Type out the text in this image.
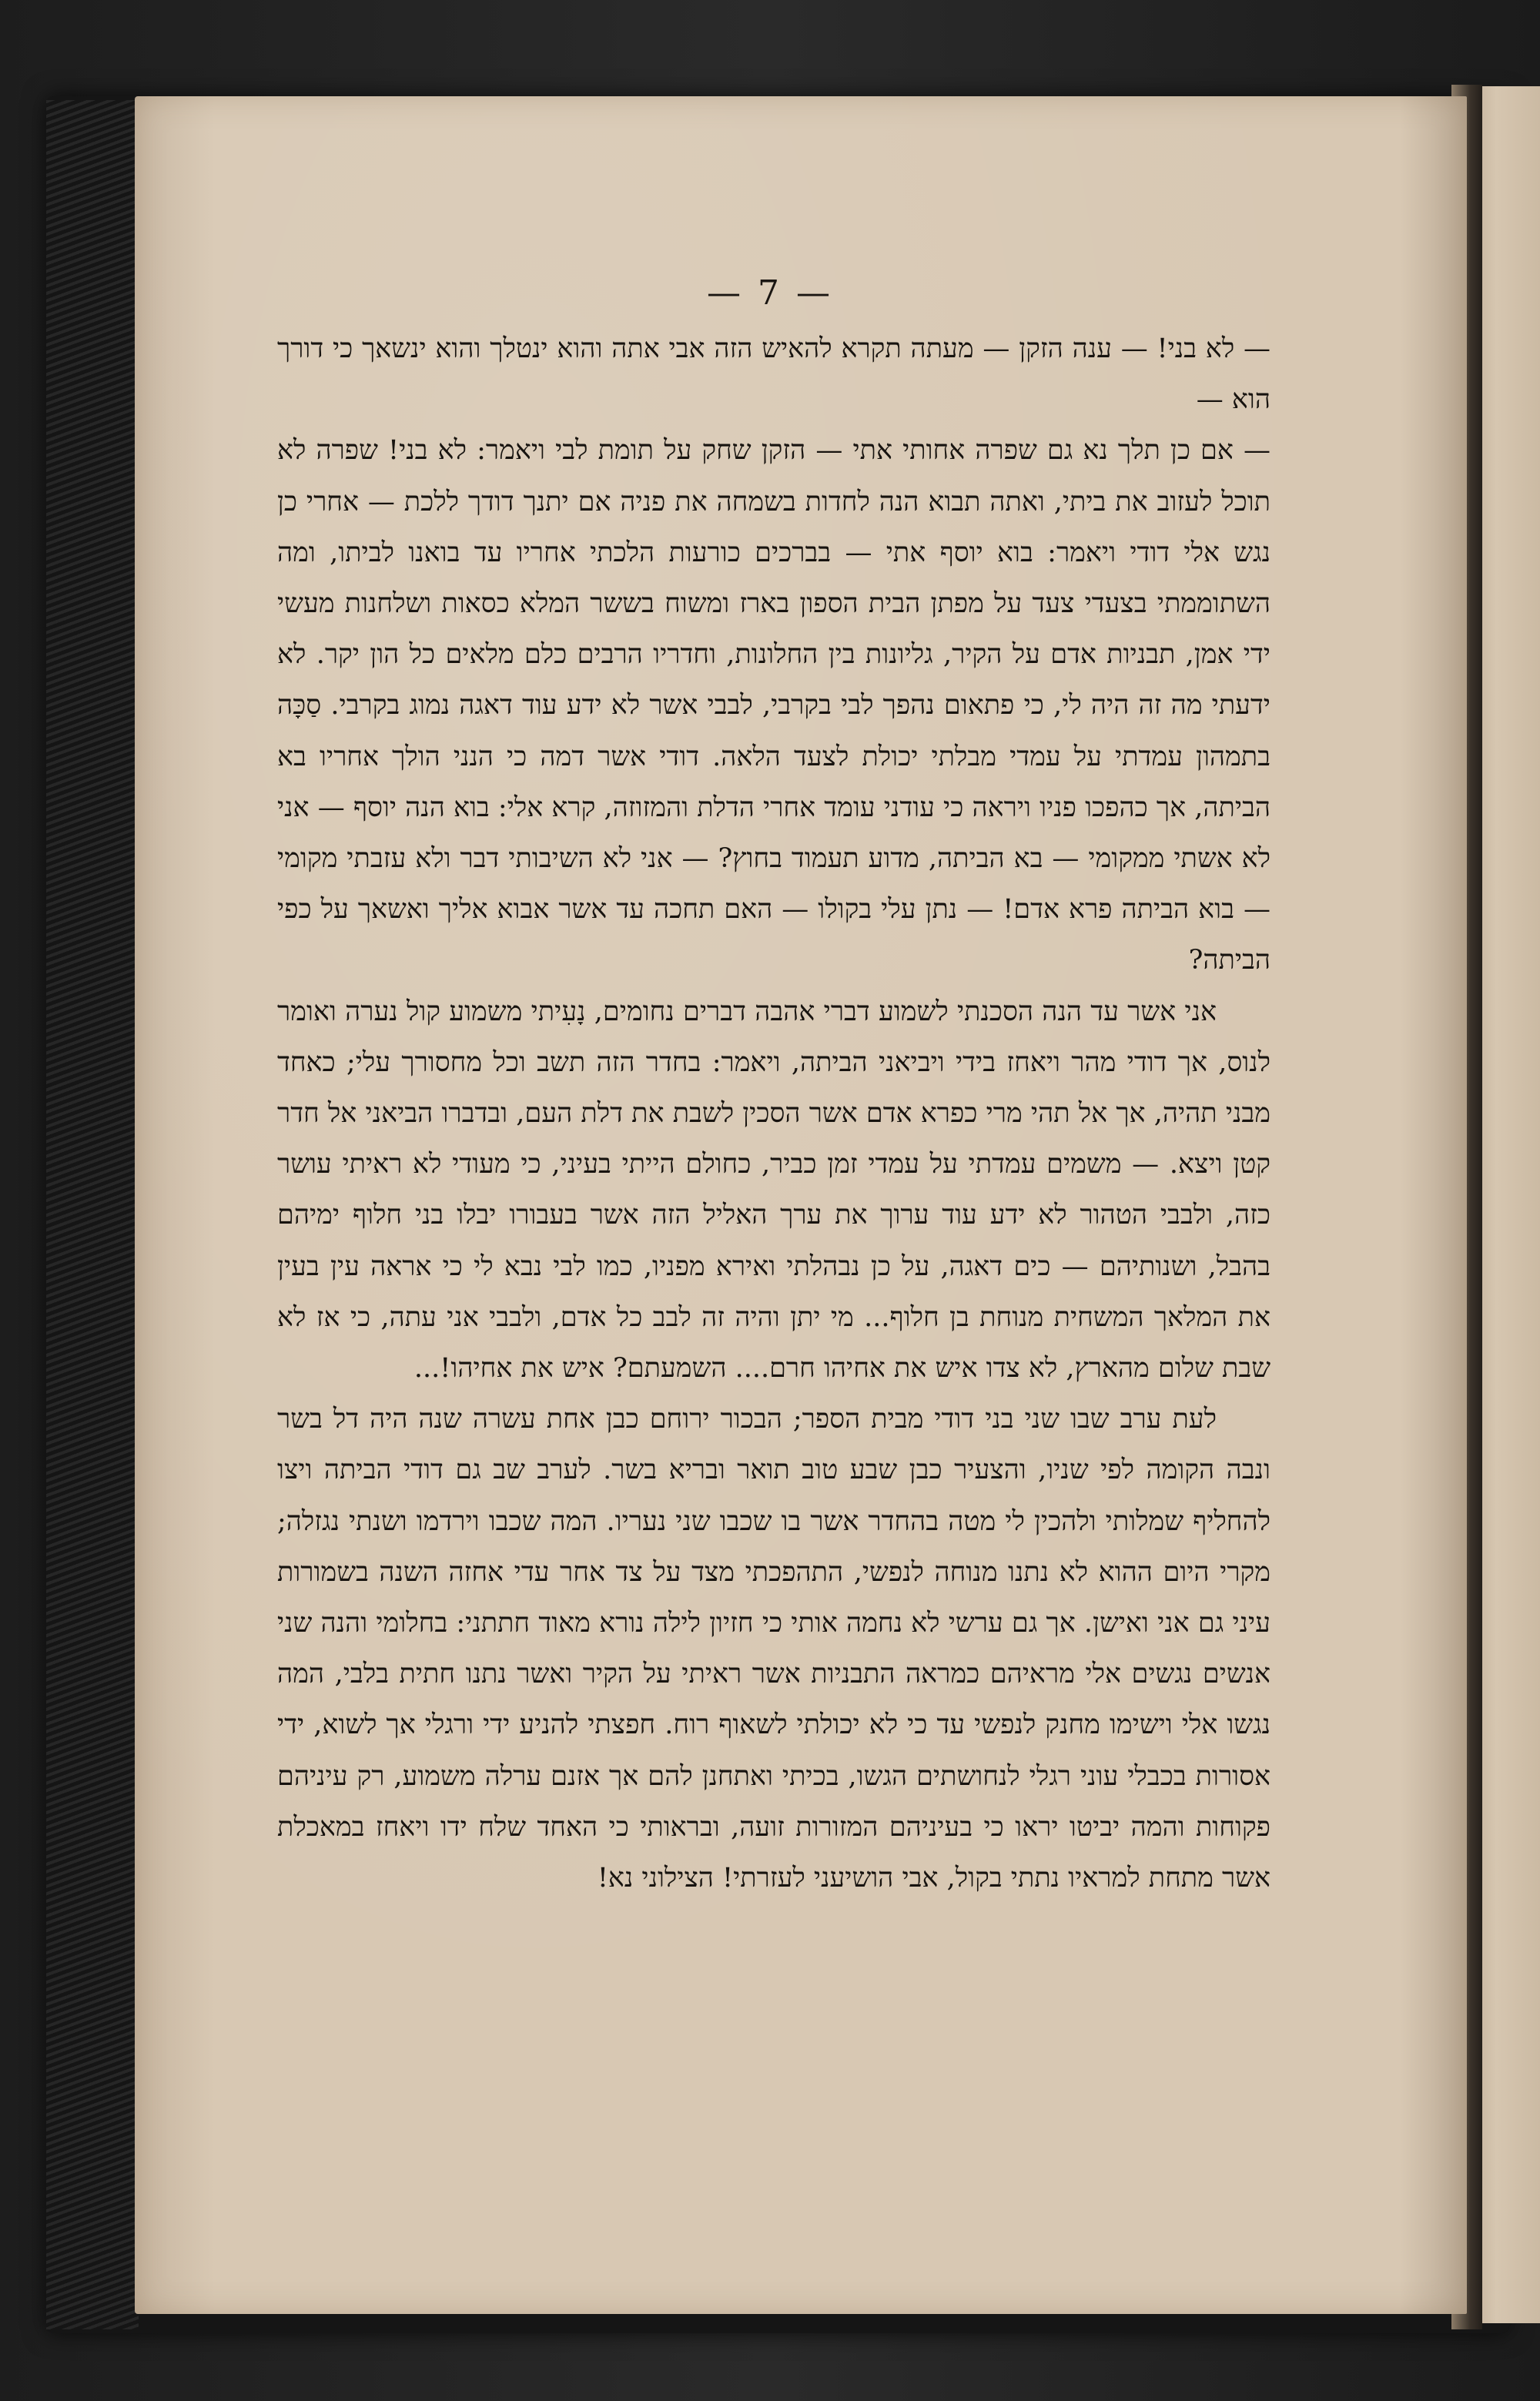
— 7 —

— לא בני! — ענה הזקן — מעתה תקרא להאיש הזה אבי אתה והוא ינטלך והוא ינשאך כי דורך הוא —

— אם כן תלך נא גם שפרה אחותי אתי — הזקן שחק על תומת לבי ויאמר: לא בני! שפרה לא תוכל לעזוב את ביתי, ואתה תבוא הנה לחדות בשמחה את פניה אם יתנך דודך ללכת — אחרי כן נגש אלי דודי ויאמר: בוא יוסף אתי — בברכים כורעות הלכתי אחריו עד בואנו לביתו, ומה השתוממתי בצעדי צעד על מפתן הבית הספון בארז ומשוח בששר המלא כסאות ושלחנות מעשי ידי אמן, תבניות אדם על הקיר, גליונות בין החלונות, וחדריו הרבים כלם מלאים כל הון יקר. לא ידעתי מה זה היה לי, כי פתאום נהפך לבי בקרבי, לבבי אשר לא ידע עוד דאגה נמוג בקרבי. סַכָּה בתמהון עמדתי על עמדי מבלתי יכולת לצעד הלאה. דודי אשר דמה כי הנני הולך אחריו בא הביתה, אך כהפכו פניו ויראה כי עודני עומד אחרי הדלת והמזוזה, קרא אלי: בוא הנה יוסף — אני לא אשתי ממקומי — בא הביתה, מדוע תעמוד בחוץ? — אני לא השיבותי דבר ולא עזבתי מקומי — בוא הביתה פרא אדם! — נתן עלי בקולו — האם תחכה עד אשר אבוא אליך ואשאך על כפי הביתה?

אני אשר עד הנה הסכנתי לשמוע דברי אהבה דברים נחומים, נָעִיתי משמוע קול נערה ואומר לנוס, אך דודי מהר ויאחז בידי ויביאני הביתה, ויאמר: בחדר הזה תשב וכל מחסורך עלי; כאחד מבני תהיה, אך אל תהי מרי כפרא אדם אשר הסכין לשבת את דלת העם, ובדברו הביאני אל חדר קטן ויצא. — משמים עמדתי על עמדי זמן כביר, כחולם הייתי בעיני, כי מעודי לא ראיתי עושר כזה, ולבבי הטהור לא ידע עוד ערוך את ערך האליל הזה אשר בעבורו יבלו בני חלוף ימיהם בהבל, ושנותיהם — כים דאגה, על כן נבהלתי ואירא מפניו, כמו לבי נבא לי כי אראה עין בעין את המלאך המשחית מנוחת בן חלוף... מי יתן והיה זה לבב כל אדם, ולבבי אני עתה, כי אז לא שבת שלום מהארץ, לא צדו איש את אחיהו חרם.... השמעתם? איש את אחיהו!...

לעת ערב שבו שני בני דודי מבית הספר; הבכור ירוחם כבן אחת עשרה שנה היה דל בשר ונבה הקומה לפי שניו, והצעיר כבן שבע טוב תואר ובריא בשר. לערב שב גם דודי הביתה ויצו להחליף שמלותי ולהכין לי מטה בהחדר אשר בו שכבו שני נעריו. המה שכבו וירדמו ושנתי נגזלה; מקרי היום ההוא לא נתנו מנוחה לנפשי, התהפכתי מצד על צד אחר עדי אחזה השנה בשמורות עיני גם אני ואישן. אך גם ערשי לא נחמה אותי כי חזיון לילה נורא מאוד חתתני: בחלומי והנה שני אנשים נגשים אלי מראיהם כמראה התבניות אשר ראיתי על הקיר ואשר נתנו חתית בלבי, המה נגשו אלי וישימו מחנק לנפשי עד כי לא יכולתי לשאוף רוח. חפצתי להניע ידי ורגלי אך לשוא, ידי אסורות בכבלי עוני רגלי לנחושתים הגשו, בכיתי ואתחנן להם אך אזנם ערלה משמוע, רק עיניהם פקוחות והמה יביטו יראו כי בעיניהם המזורות זועה, ובראותי כי האחד שלח ידו ויאחז במאכלת אשר מתחת למראיו נתתי בקול, אבי הושיעני לעזרתי! הצילוני נא!
